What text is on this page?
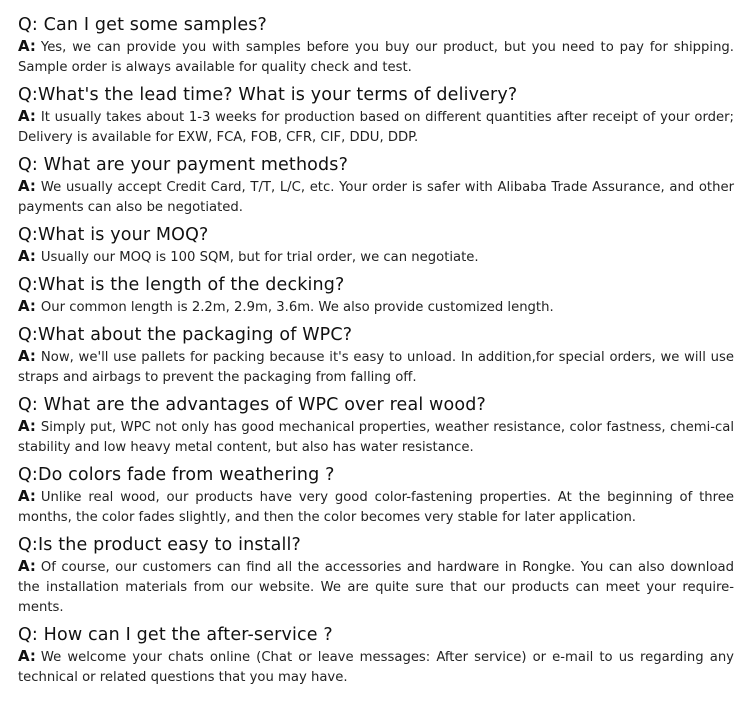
Q: Can I get some samples?
A: Yes, we can provide you with samples before you buy our product, but you need to pay for shipping. Sample order is always available for quality check and test.
Q:What's the lead time? What is your terms of delivery?
A: It usually takes about 1-3 weeks for production based on different quantities after receipt of your order; Delivery is available for EXW, FCA, FOB, CFR, CIF, DDU, DDP.
Q: What are your payment methods?
A: We usually accept Credit Card, T/T, L/C, etc. Your order is safer with Alibaba Trade Assurance, and other payments can also be negotiated.
Q:What is your MOQ?
A: Usually our MOQ is 100 SQM, but for trial order, we can negotiate.
Q:What is the length of the decking?
A: Our common length is 2.2m, 2.9m, 3.6m. We also provide customized length.
Q:What about the packaging of WPC?
A: Now, we'll use pallets for packing because it's easy to unload. In addition,for special orders, we will use straps and airbags to prevent the packaging from falling off.
Q: What are the advantages of WPC over real wood?
A: Simply put, WPC not only has good mechanical properties, weather resistance, color fastness, chemi-cal stability and low heavy metal content, but also has water resistance.
Q:Do colors fade from weathering ?
A: Unlike real wood, our products have very good color-fastening properties. At the beginning of three months, the color fades slightly, and then the color becomes very stable for later application.
Q:Is the product easy to install?
A: Of course, our customers can find all the accessories and hardware in Rongke. You can also download the installation materials from our website. We are quite sure that our products can meet your require-ments.
Q: How can I get the after-service ?
A: We welcome your chats online (Chat or leave messages: After service) or e-mail to us regarding any technical or related questions that you may have.
